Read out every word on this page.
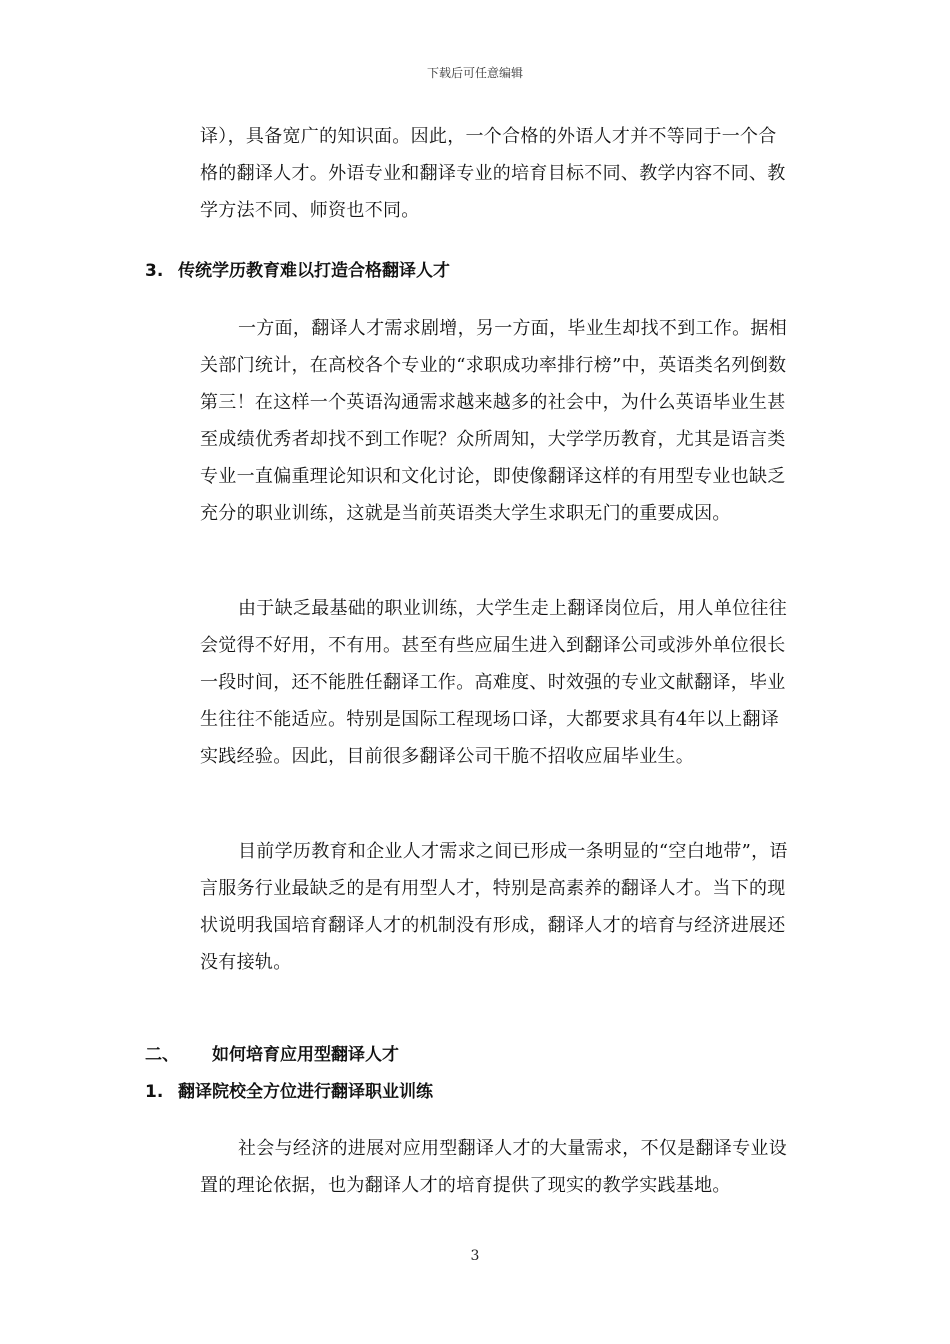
下载后可任意编辑
译），具备宽广的知识面。因此，一个合格的外语人才并不等同于一个合格的翻译人才。外语专业和翻译专业的培育目标不同、教学内容不同、教学方法不同、师资也不同。
3. 传统学历教育难以打造合格翻译人才
一方面，翻译人才需求剧增，另一方面，毕业生却找不到工作。据相关部门统计，在高校各个专业的“求职成功率排行榜”中，英语类名列倒数第三！在这样一个英语沟通需求越来越多的社会中，为什么英语毕业生甚至成绩优秀者却找不到工作呢？众所周知，大学学历教育，尤其是语言类专业一直偏重理论知识和文化讨论，即使像翻译这样的有用型专业也缺乏充分的职业训练，这就是当前英语类大学生求职无门的重要成因。
由于缺乏最基础的职业训练，大学生走上翻译岗位后，用人单位往往会觉得不好用，不有用。甚至有些应届生进入到翻译公司或涉外单位很长一段时间，还不能胜任翻译工作。高难度、时效强的专业文献翻译，毕业生往往不能适应。特别是国际工程现场口译，大都要求具有4年以上翻译实践经验。因此，目前很多翻译公司干脆不招收应届毕业生。
目前学历教育和企业人才需求之间已形成一条明显的“空白地带”，语言服务行业最缺乏的是有用型人才，特别是高素养的翻译人才。当下的现状说明我国培育翻译人才的机制没有形成，翻译人才的培育与经济进展还没有接轨。
二、 如何培育应用型翻译人才
1. 翻译院校全方位进行翻译职业训练
社会与经济的进展对应用型翻译人才的大量需求，不仅是翻译专业设置的理论依据，也为翻译人才的培育提供了现实的教学实践基地。
3
